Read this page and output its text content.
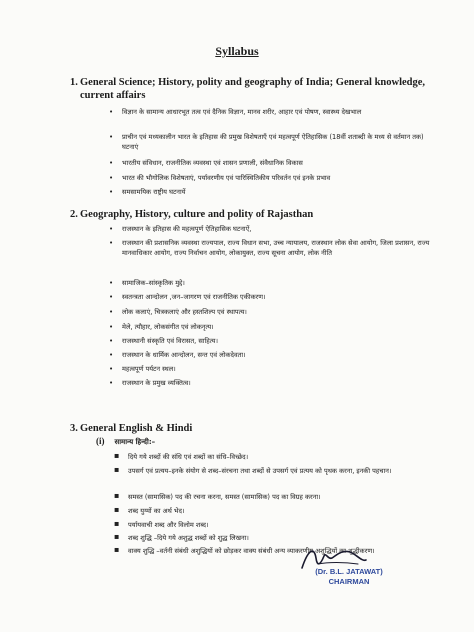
Syllabus
1. General Science; History, polity and geography of India; General knowledge, current affairs
• विज्ञान के सामान्य आधारभूत तत्व एवं दैनिक विज्ञान, मानव शरीर, आहार एवं पोषण, स्वास्थ्य देखभाल
• प्राचीन एवं मध्यकालीन भारत के इतिहास की प्रमुख विशेषताएँ एवं महत्वपूर्ण ऐतिहासिक (18वीं शताब्दी के मध्य से वर्तमान तक) घटनाएं
• भारतीय संविधान, राजनीतिक व्यवस्था एवं शासन प्रणाली, संवैधानिक विकास
• भारत की भौगोलिक विशेषताएं, पर्यावरणीय एवं पारिस्थितिकीय परिवर्तन एवं इनके प्रभाव
• समसामयिक राष्ट्रीय घटनायें
2. Geography, History, culture and polity of Rajasthan
• राजस्थान के इतिहास की महत्वपूर्ण ऐतिहासिक घटनाऐं,
• राजस्थान की प्रशासनिक व्यवस्था राज्यपाल, राज्य विधान सभा, उच्च न्यायालय, राजस्थान लोक सेवा आयोग, जिला प्रशासन, राज्य मानवाधिकार आयोग, राज्य निर्वाचन आयोग, लोकायुक्त, राज्य सूचना आयोग, लोक नीति
• सामाजिक–सांस्कृतिक मुद्दे।
• स्वतन्त्रता आन्दोलन ,जन–जागरण एवं राजनीतिक एकीकरण।
• लोक कलाएं, चित्रकलाएं और हस्तशिल्प एवं स्थापत्य।
• मेले, त्यौहार, लोकसंगीत एवं लोकनृत्य।
• राजस्थानी संस्कृति एवं विरासत, साहित्य।
• राजस्थान के धार्मिक आन्दोलन, सन्त एवं लोकदेवता।
• महत्वपूर्ण पर्यटन स्थल।
• राजस्थान के प्रमुख व्यक्तित्व।
3. General English & Hindi
(i) सामान्य हिन्दी:–
▪ दिये गये शब्दों की संधि एवं शब्दों का संधि–विच्छेद।
▪ उपसर्ग एवं प्रत्यय–इनके संयोग से शब्द–संरचना तथा शब्दों से उपसर्ग एवं प्रत्यय को पृथक करना, इनकी पहचान।
▪ समस्त (सामासिक) पद की रचना करना, समस्त (सामासिक) पद का विग्रह करना।
▪ शब्द युग्मों का अर्थ भेद।
▪ पर्यायवाची शब्द और विलोम शब्द।
▪ शब्द शुद्धि –दिये गये अशुद्ध शब्दों को शुद्ध लिखना।
▪ वाक्य शुद्धि –वर्तनी संबंधी अशुद्धियों को छोड़कर वाक्य संबंधी अन्य व्याकरणीय अशुद्धियों का शुद्धीकरण।
(Dr. B.L. JATAWAT)
CHAIRMAN
